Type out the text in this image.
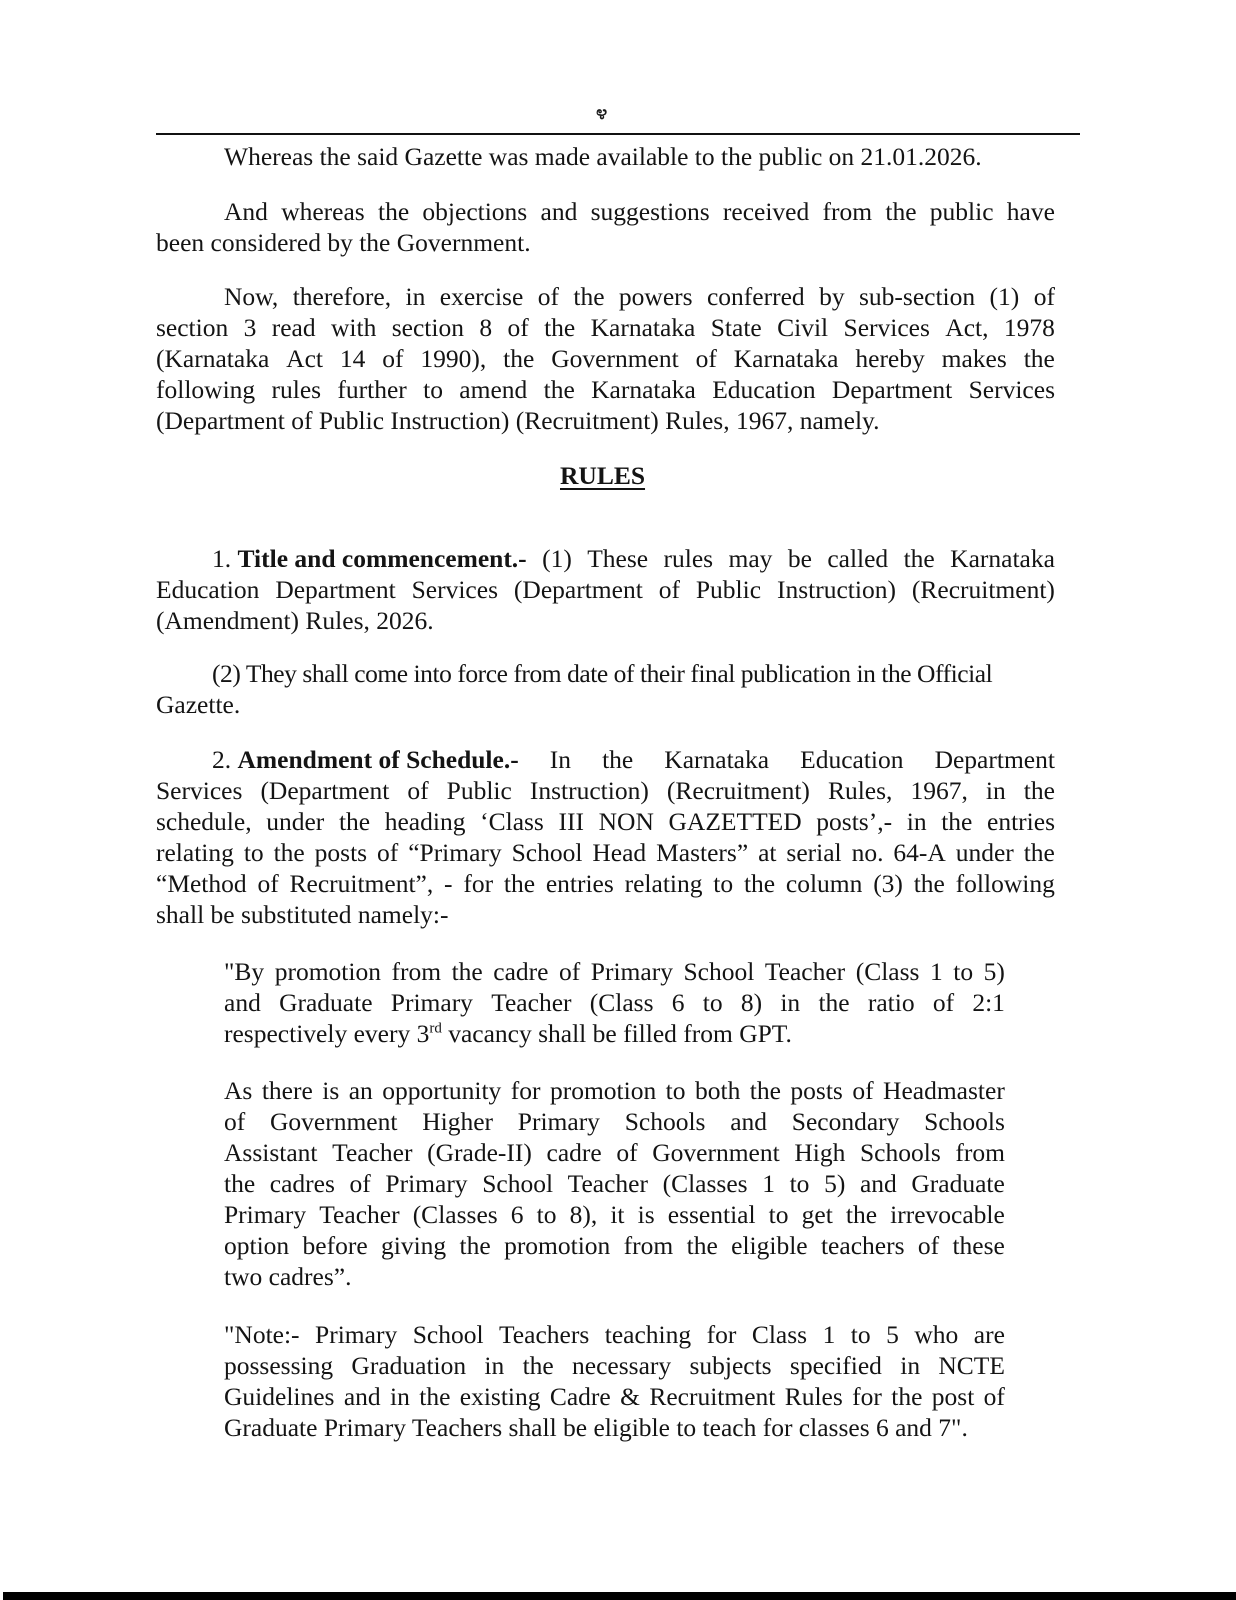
೪
Whereas the said Gazette was made available to the public on 21.01.2026.
And whereas the objections and suggestions received from the public have
been considered by the Government.
Now, therefore, in exercise of the powers conferred by sub-section (1) of
section 3 read with section 8 of the Karnataka State Civil Services Act, 1978
(Karnataka Act 14 of 1990), the Government of Karnataka hereby makes the
following rules further to amend the Karnataka Education Department Services
(Department of Public Instruction) (Recruitment) Rules, 1967, namely.
RULES
1. Title and commencement.- (1) These rules may be called the Karnataka
Education Department Services (Department of Public Instruction) (Recruitment)
(Amendment) Rules, 2026.
(2) They shall come into force from date of their final publication in the Official
Gazette.
2. Amendment of Schedule.- In the Karnataka Education Department
Services (Department of Public Instruction) (Recruitment) Rules, 1967, in the
schedule, under the heading ‘Class III NON GAZETTED posts’,- in the entries
relating to the posts of “Primary School Head Masters” at serial no. 64-A under the
“Method of Recruitment”, - for the entries relating to the column (3) the following
shall be substituted namely:-
"By promotion from the cadre of Primary School Teacher (Class 1 to 5)
and Graduate Primary Teacher (Class 6 to 8) in the ratio of 2:1
respectively every 3rd vacancy shall be filled from GPT.
As there is an opportunity for promotion to both the posts of Headmaster
of Government Higher Primary Schools and Secondary Schools
Assistant Teacher (Grade-II) cadre of Government High Schools from
the cadres of Primary School Teacher (Classes 1 to 5) and Graduate
Primary Teacher (Classes 6 to 8), it is essential to get the irrevocable
option before giving the promotion from the eligible teachers of these
two cadres”.
"Note:- Primary School Teachers teaching for Class 1 to 5 who are
possessing Graduation in the necessary subjects specified in NCTE
Guidelines and in the existing Cadre & Recruitment Rules for the post of
Graduate Primary Teachers shall be eligible to teach for classes 6 and 7".
